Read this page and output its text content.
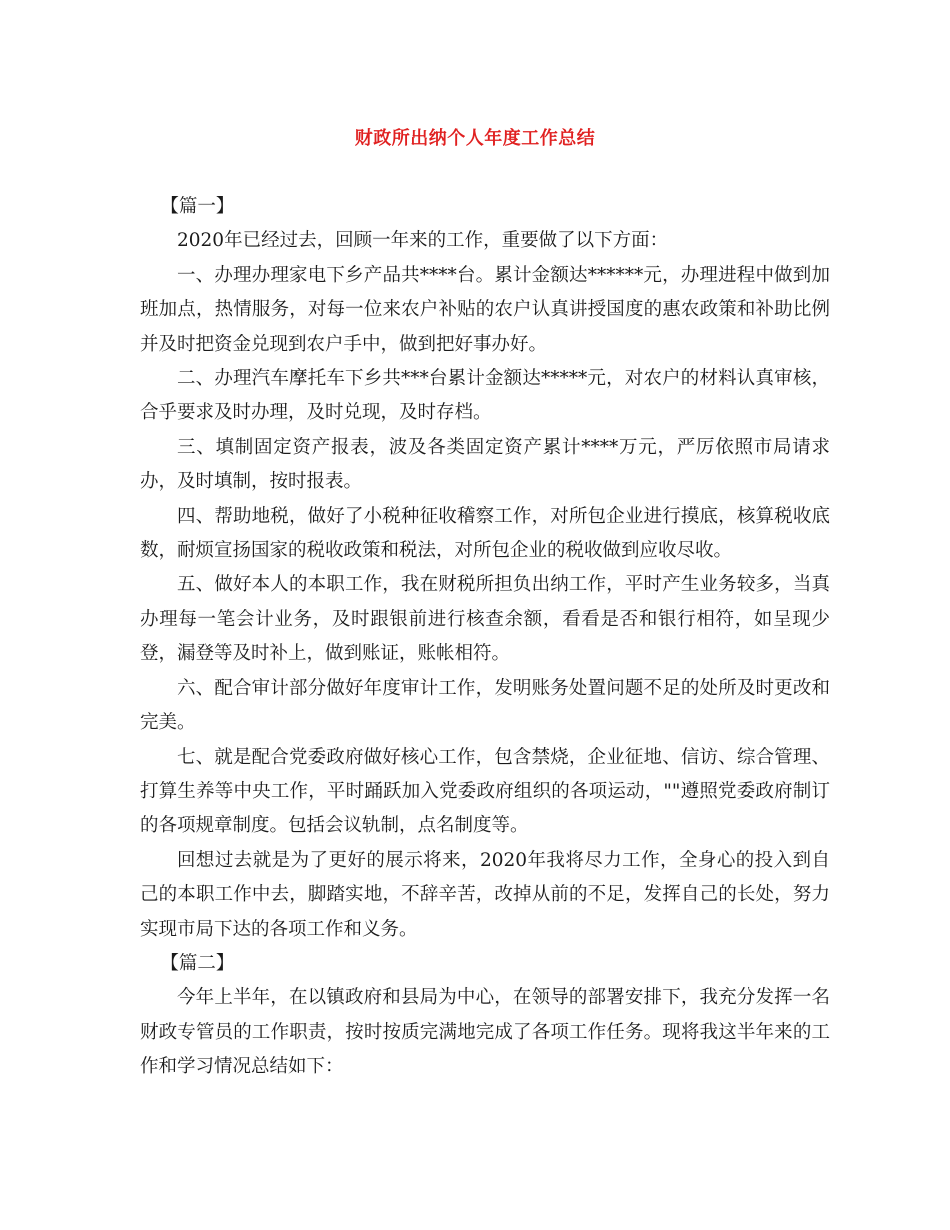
财政所出纳个人年度工作总结

【篇一】

2020年已经过去，回顾一年来的工作，重要做了以下方面：

一、办理办理家电下乡产品共****台。累计金额达******元，办理进程中做到加班加点，热情服务，对每一位来农户补贴的农户认真讲授国度的惠农政策和补助比例并及时把资金兑现到农户手中，做到把好事办好。

二、办理汽车摩托车下乡共***台累计金额达*****元，对农户的材料认真审核，合乎要求及时办理，及时兑现，及时存档。

三、填制固定资产报表，波及各类固定资产累计****万元，严厉依照市局请求办，及时填制，按时报表。

四、帮助地税，做好了小税种征收稽察工作，对所包企业进行摸底，核算税收底数，耐烦宣扬国家的税收政策和税法，对所包企业的税收做到应收尽收。

五、做好本人的本职工作，我在财税所担负出纳工作，平时产生业务较多，当真办理每一笔会计业务，及时跟银前进行核查余额，看看是否和银行相符，如呈现少登，漏登等及时补上，做到账证，账帐相符。

六、配合审计部分做好年度审计工作，发明账务处置问题不足的处所及时更改和完美。

七、就是配合党委政府做好核心工作，包含禁烧，企业征地、信访、综合管理、打算生养等中央工作，平时踊跃加入党委政府组织的各项运动，""遵照党委政府制订的各项规章制度。包括会议轨制，点名制度等。

回想过去就是为了更好的展示将来，2020年我将尽力工作，全身心的投入到自己的本职工作中去，脚踏实地，不辞辛苦，改掉从前的不足，发挥自己的长处，努力实现市局下达的各项工作和义务。

【篇二】

今年上半年，在以镇政府和县局为中心，在领导的部署安排下，我充分发挥一名财政专管员的工作职责，按时按质完满地完成了各项工作任务。现将我这半年来的工作和学习情况总结如下：
